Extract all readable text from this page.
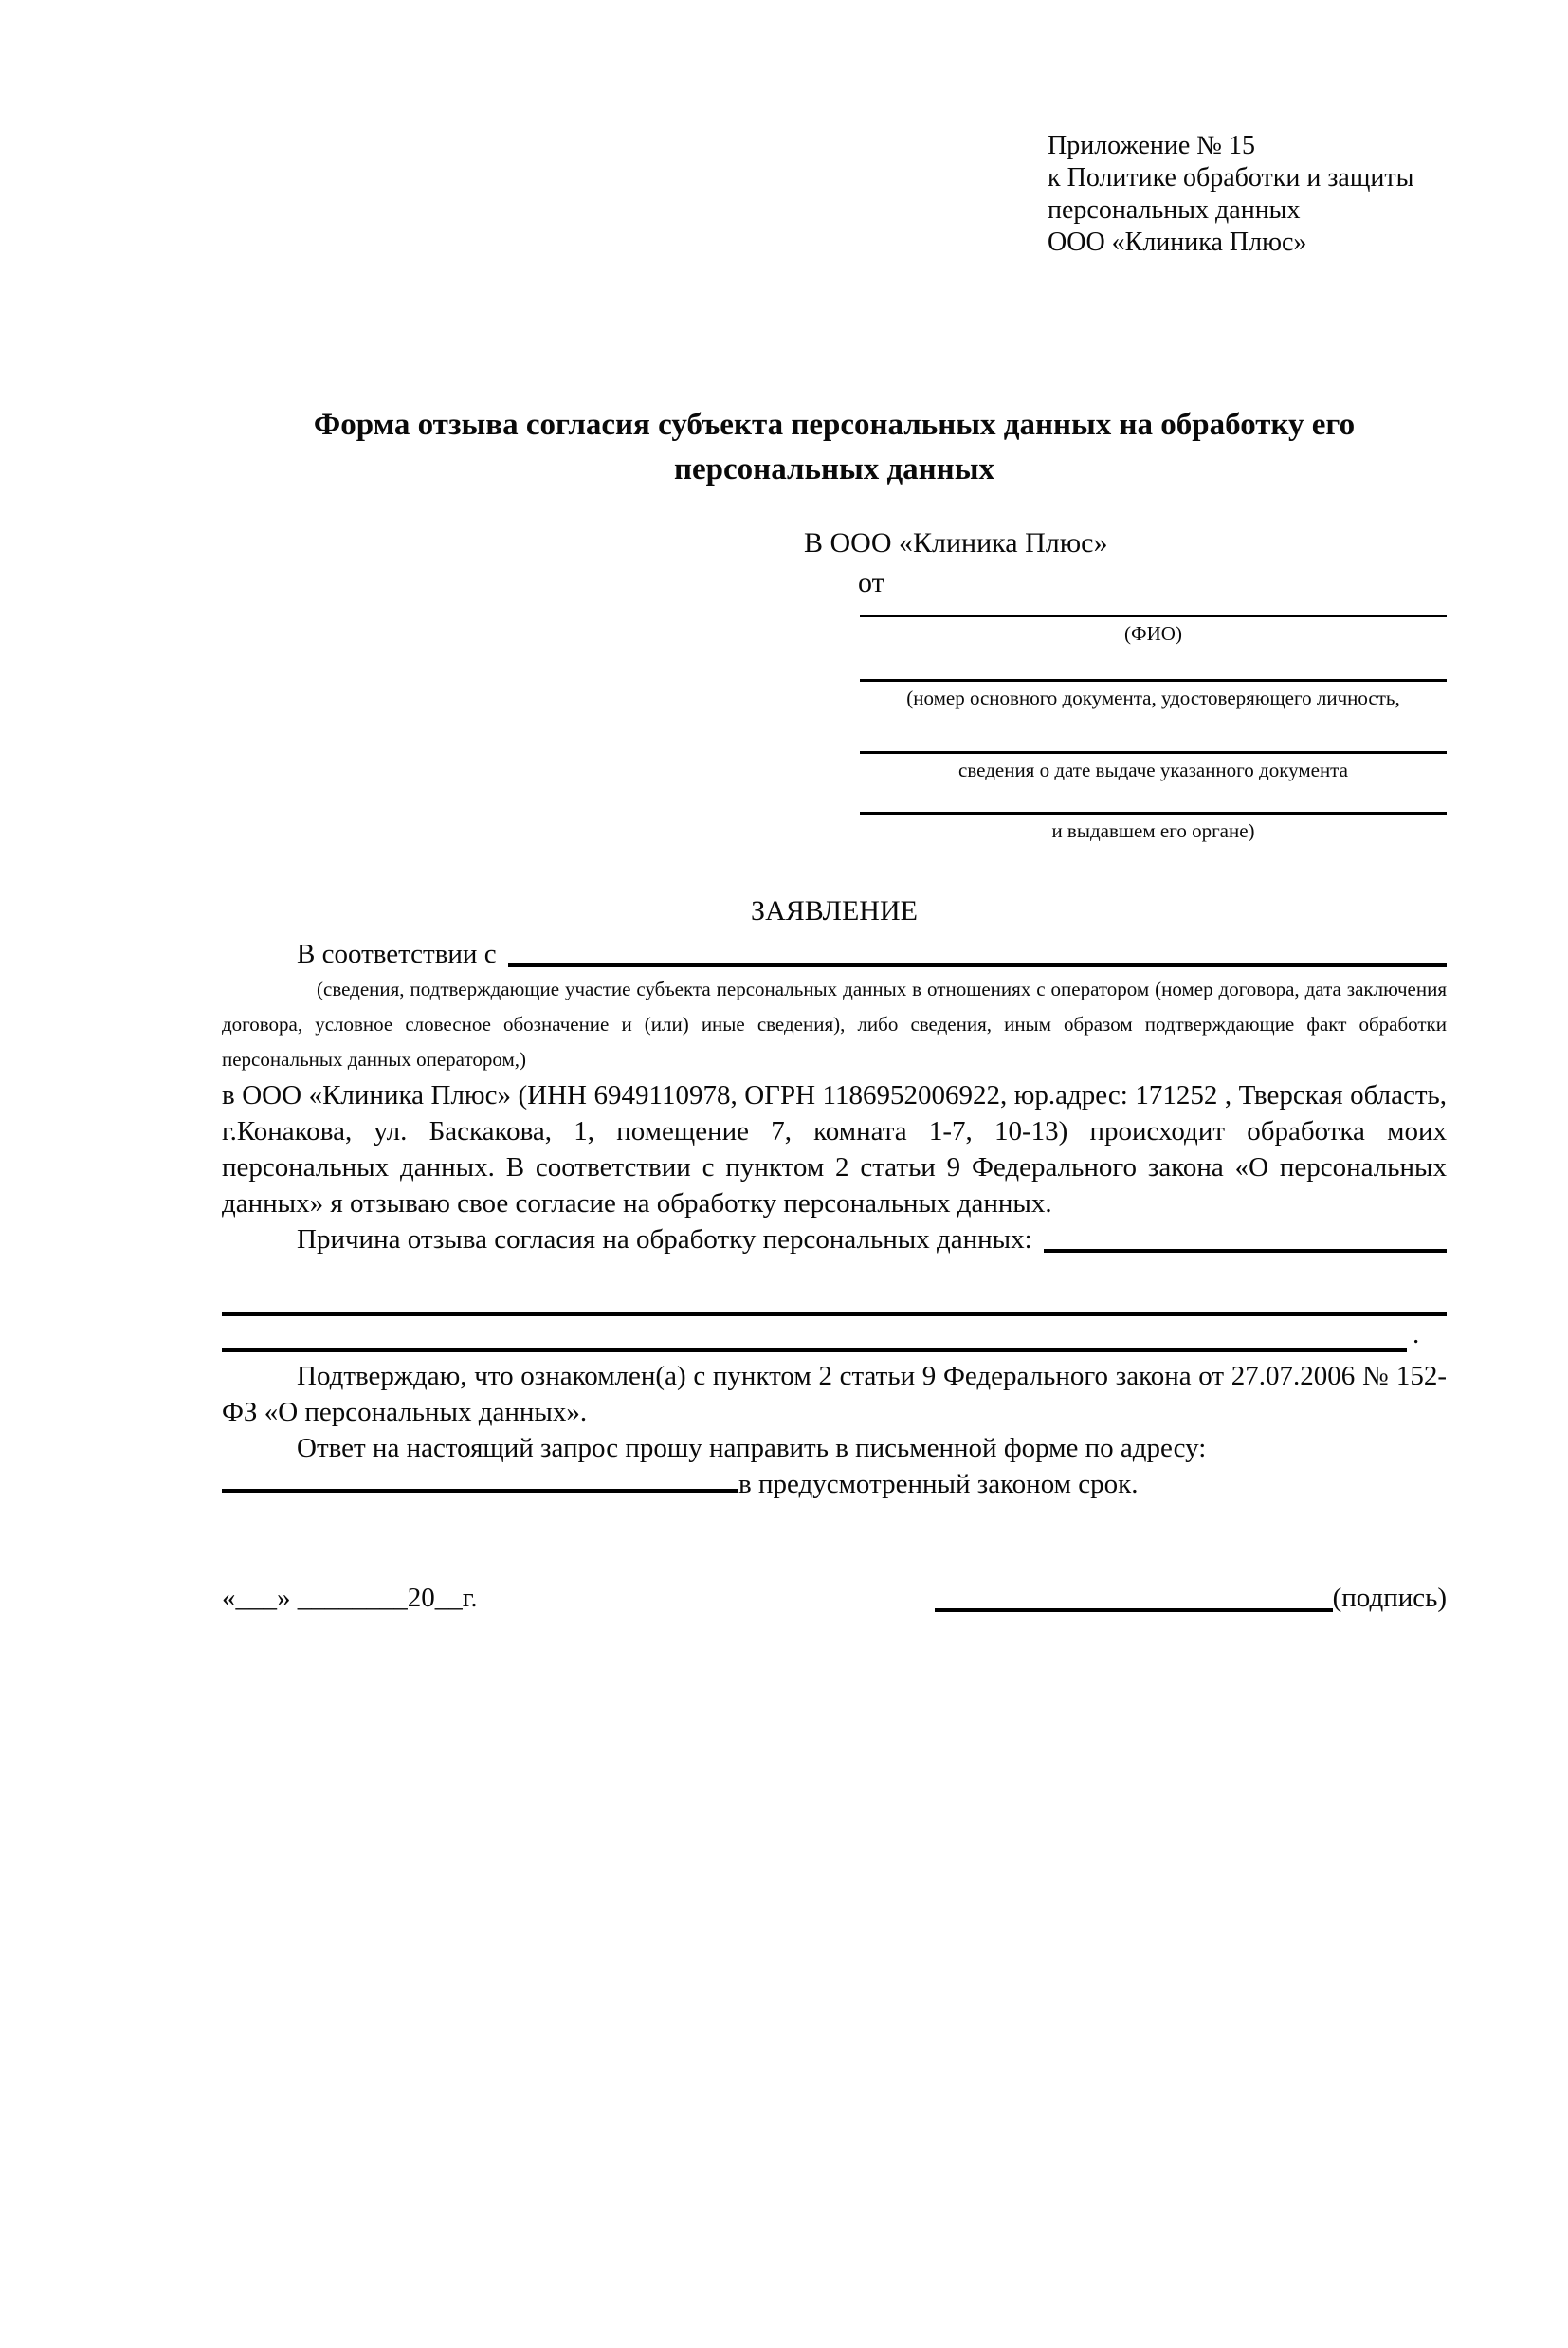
Приложение № 15
к Политике обработки и защиты
персональных данных
ООО «Клиника Плюс»
Форма отзыва согласия субъекта персональных данных на обработку его персональных данных
В ООО «Клиника Плюс»
от
(ФИО)
(номер основного документа, удостоверяющего личность,
сведения о дате выдаче указанного документа
и выдавшем его органе)
ЗАЯВЛЕНИЕ
В соответствии с
(сведения, подтверждающие участие субъекта персональных данных в отношениях с оператором (номер договора, дата заключения договора, условное словесное обозначение и (или) иные сведения), либо сведения, иным образом подтверждающие факт обработки персональных данных оператором,)
в ООО «Клиника Плюс» (ИНН 6949110978, ОГРН 1186952006922, юр.адрес: 171252 , Тверская область, г.Конакова, ул. Баскакова, 1, помещение 7, комната 1-7, 10-13) происходит обработка моих персональных данных. В соответствии с пунктом 2 статьи 9 Федерального закона «О персональных данных» я отзываю свое согласие на обработку персональных данных.
Причина отзыва согласия на обработку персональных данных:
.
Подтверждаю, что ознакомлен(а) с пунктом 2 статьи 9 Федерального закона от 27.07.2006 № 152-ФЗ «О персональных данных».
Ответ на настоящий запрос прошу направить в письменной форме по адресу:
в предусмотренный законом срок.
«___» ________20__г.	(подпись)
